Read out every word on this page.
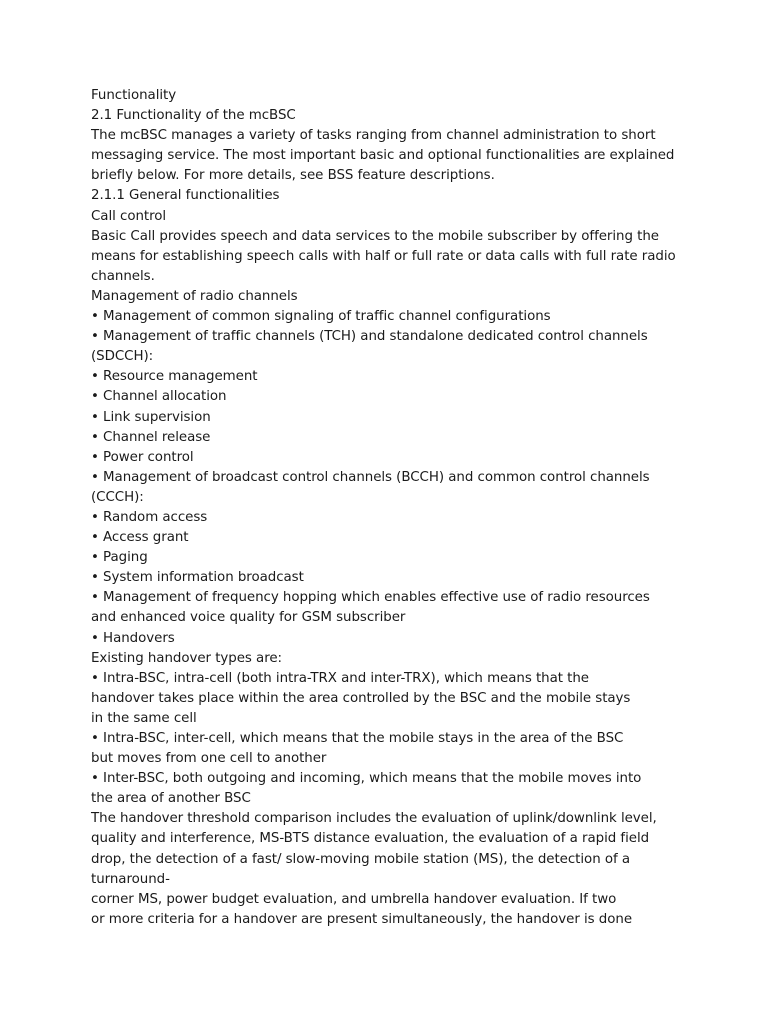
Functionality
2.1 Functionality of the mcBSC
The mcBSC manages a variety of tasks ranging from channel administration to short
messaging service. The most important basic and optional functionalities are explained
briefly below. For more details, see BSS feature descriptions.
2.1.1 General functionalities
Call control
Basic Call provides speech and data services to the mobile subscriber by offering the
means for establishing speech calls with half or full rate or data calls with full rate radio
channels.
Management of radio channels
• Management of common signaling of traffic channel configurations
• Management of traffic channels (TCH) and standalone dedicated control channels
(SDCCH):
• Resource management
• Channel allocation
• Link supervision
• Channel release
• Power control
• Management of broadcast control channels (BCCH) and common control channels
(CCCH):
• Random access
• Access grant
• Paging
• System information broadcast
• Management of frequency hopping which enables effective use of radio resources
and enhanced voice quality for GSM subscriber
• Handovers
Existing handover types are:
• Intra-BSC, intra-cell (both intra-TRX and inter-TRX), which means that the
handover takes place within the area controlled by the BSC and the mobile stays
in the same cell
• Intra-BSC, inter-cell, which means that the mobile stays in the area of the BSC
but moves from one cell to another
• Inter-BSC, both outgoing and incoming, which means that the mobile moves into
the area of another BSC
The handover threshold comparison includes the evaluation of uplink/downlink level,
quality and interference, MS-BTS distance evaluation, the evaluation of a rapid field
drop, the detection of a fast/ slow-moving mobile station (MS), the detection of a
turnaround-
corner MS, power budget evaluation, and umbrella handover evaluation. If two
or more criteria for a handover are present simultaneously, the handover is done
